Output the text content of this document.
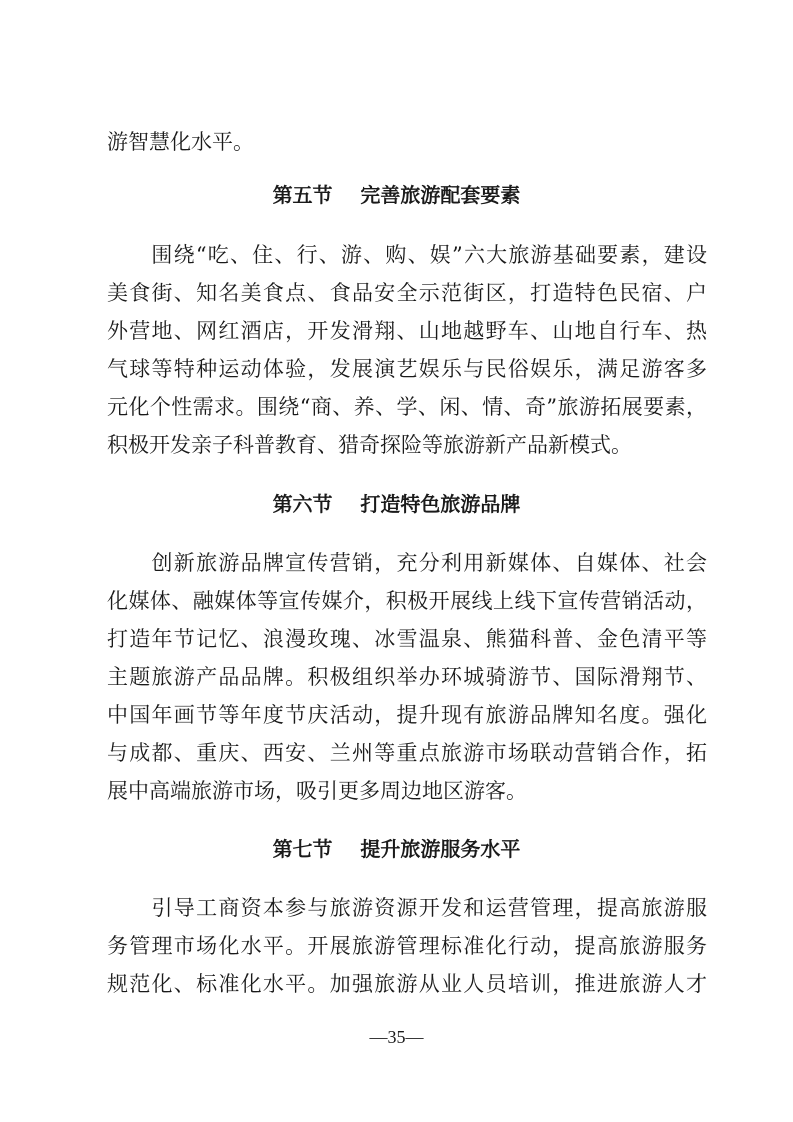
游智慧化水平。
第五节    完善旅游配套要素
　　围绕“吃、住、行、游、购、娱”六大旅游基础要素，建设
美食街、知名美食点、食品安全示范街区，打造特色民宿、户
外营地、网红酒店，开发滑翔、山地越野车、山地自行车、热
气球等特种运动体验，发展演艺娱乐与民俗娱乐，满足游客多
元化个性需求。围绕“商、养、学、闲、情、奇”旅游拓展要素，
积极开发亲子科普教育、猎奇探险等旅游新产品新模式。
第六节    打造特色旅游品牌
　　创新旅游品牌宣传营销，充分利用新媒体、自媒体、社会
化媒体、融媒体等宣传媒介，积极开展线上线下宣传营销活动，
打造年节记忆、浪漫玫瑰、冰雪温泉、熊猫科普、金色清平等
主题旅游产品品牌。积极组织举办环城骑游节、国际滑翔节、
中国年画节等年度节庆活动，提升现有旅游品牌知名度。强化
与成都、重庆、西安、兰州等重点旅游市场联动营销合作，拓
展中高端旅游市场，吸引更多周边地区游客。
第七节    提升旅游服务水平
　　引导工商资本参与旅游资源开发和运营管理，提高旅游服
务管理市场化水平。开展旅游管理标准化行动，提高旅游服务
规范化、标准化水平。加强旅游从业人员培训，推进旅游人才
—35—
